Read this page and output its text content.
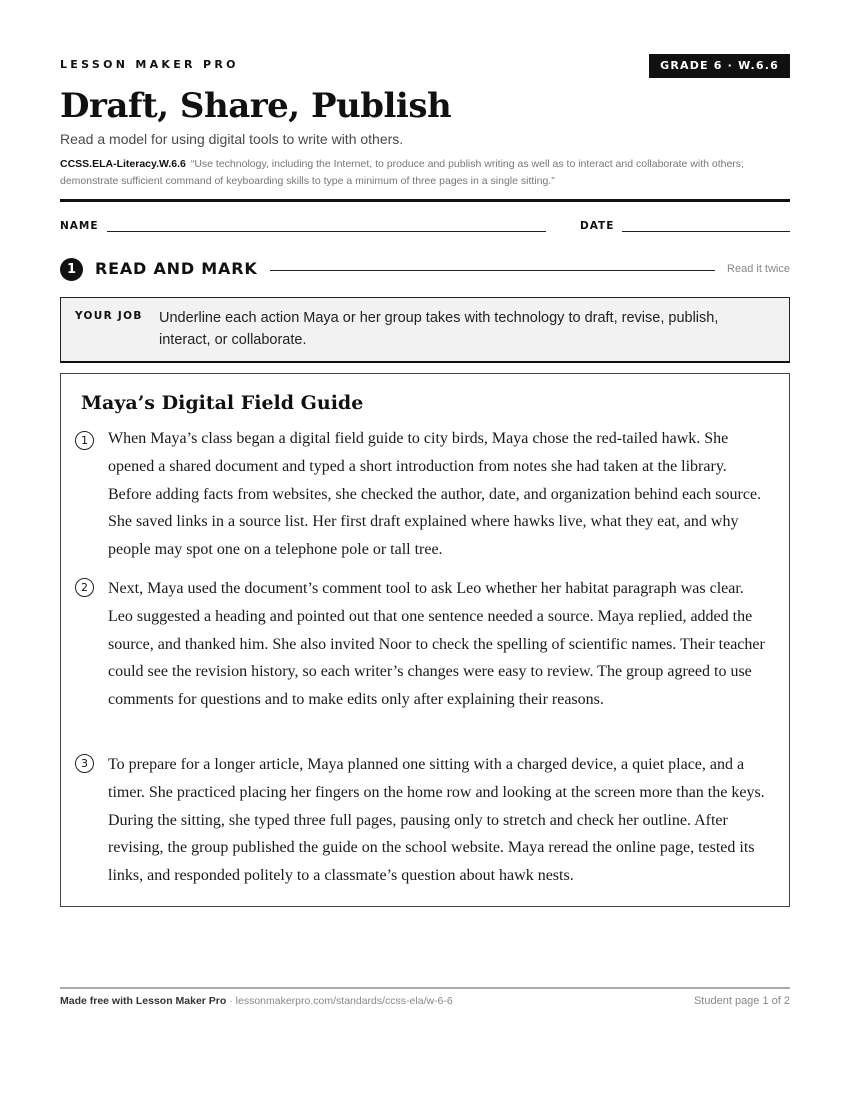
LESSON MAKER PRO	GRADE 6 · W.6.6
Draft, Share, Publish
Read a model for using digital tools to write with others.
CCSS.ELA-Literacy.W.6.6 “Use technology, including the Internet, to produce and publish writing as well as to interact and collaborate with others; demonstrate sufficient command of keyboarding skills to type a minimum of three pages in a single sitting.”
NAME	DATE
1	READ AND MARK	Read it twice
YOUR JOB Underline each action Maya or her group takes with technology to draft, revise, publish, interact, or collaborate.
Maya’s Digital Field Guide
1	When Maya’s class began a digital field guide to city birds, Maya chose the red-tailed hawk. She opened a shared document and typed a short introduction from notes she had taken at the library. Before adding facts from websites, she checked the author, date, and organization behind each source. She saved links in a source list. Her first draft explained where hawks live, what they eat, and why people may spot one on a telephone pole or tall tree.
2	Next, Maya used the document’s comment tool to ask Leo whether her habitat paragraph was clear. Leo suggested a heading and pointed out that one sentence needed a source. Maya replied, added the source, and thanked him. She also invited Noor to check the spelling of scientific names. Their teacher could see the revision history, so each writer’s changes were easy to review. The group agreed to use comments for questions and to make edits only after explaining their reasons.
3	To prepare for a longer article, Maya planned one sitting with a charged device, a quiet place, and a timer. She practiced placing her fingers on the home row and looking at the screen more than the keys. During the sitting, she typed three full pages, pausing only to stretch and check her outline. After revising, the group published the guide on the school website. Maya reread the online page, tested its links, and responded politely to a classmate’s question about hawk nests.
Made free with Lesson Maker Pro · lessonmakerpro.com/standards/ccss-ela/w-6-6	Student page 1 of 2
